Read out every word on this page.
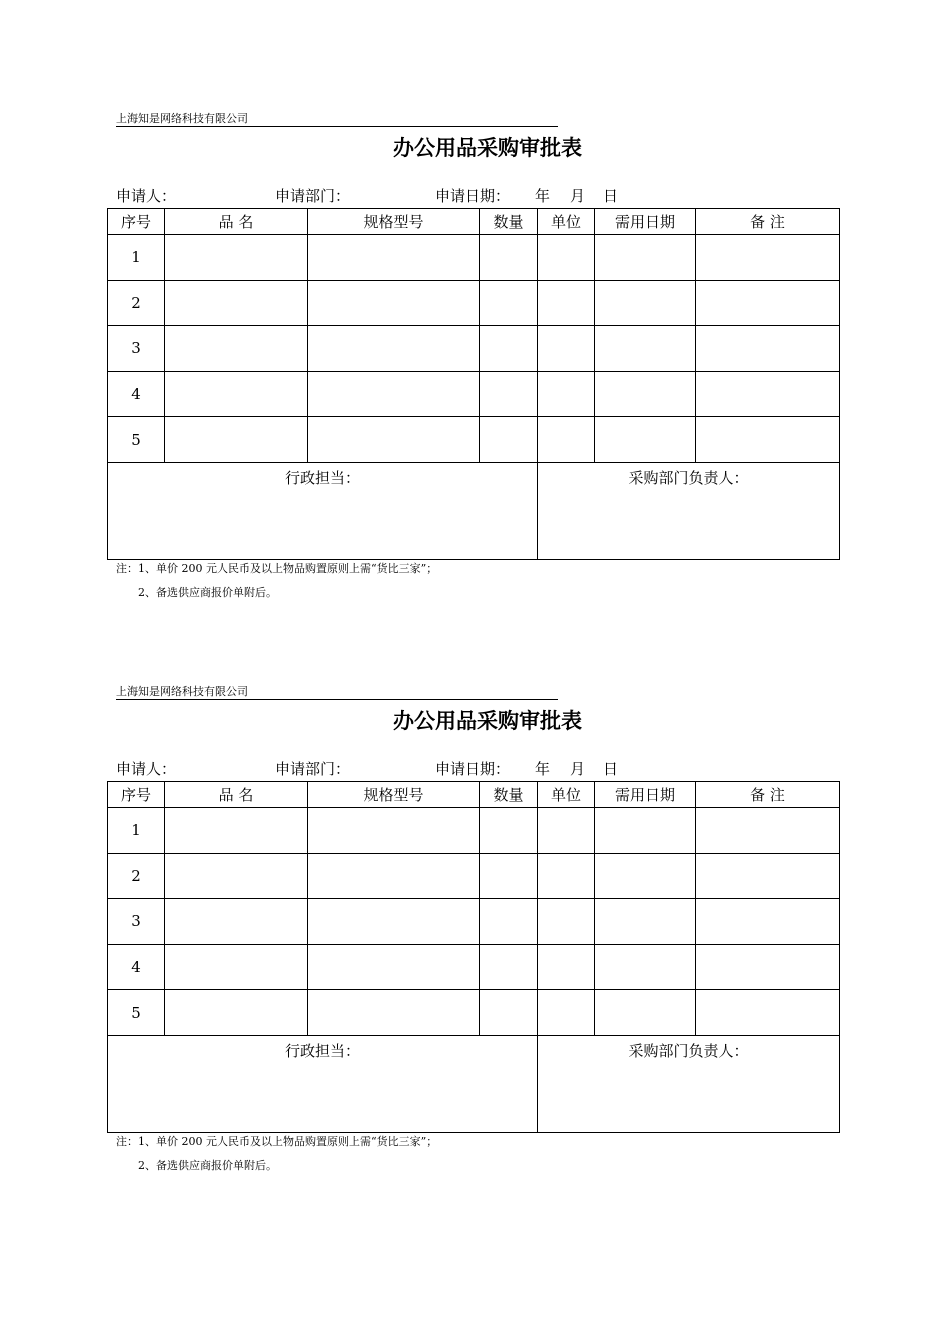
上海知是网络科技有限公司
办公用品采购审批表
申请人：	申请部门：	申请日期： 年 月 日
序号	品 名	规格型号	数量	单位	需用日期	备 注
1						
2						
3						
4						
5						
行政担当：				采购部门负责人：		
注：1、单价 200 元人民币及以上物品购置原则上需“货比三家”；
2、备选供应商报价单附后。
上海知是网络科技有限公司
办公用品采购审批表
申请人：	申请部门：	申请日期： 年 月 日
序号	品 名	规格型号	数量	单位	需用日期	备 注
1						
2						
3						
4						
5						
行政担当：				采购部门负责人：		
注：1、单价 200 元人民币及以上物品购置原则上需“货比三家”；
2、备选供应商报价单附后。
